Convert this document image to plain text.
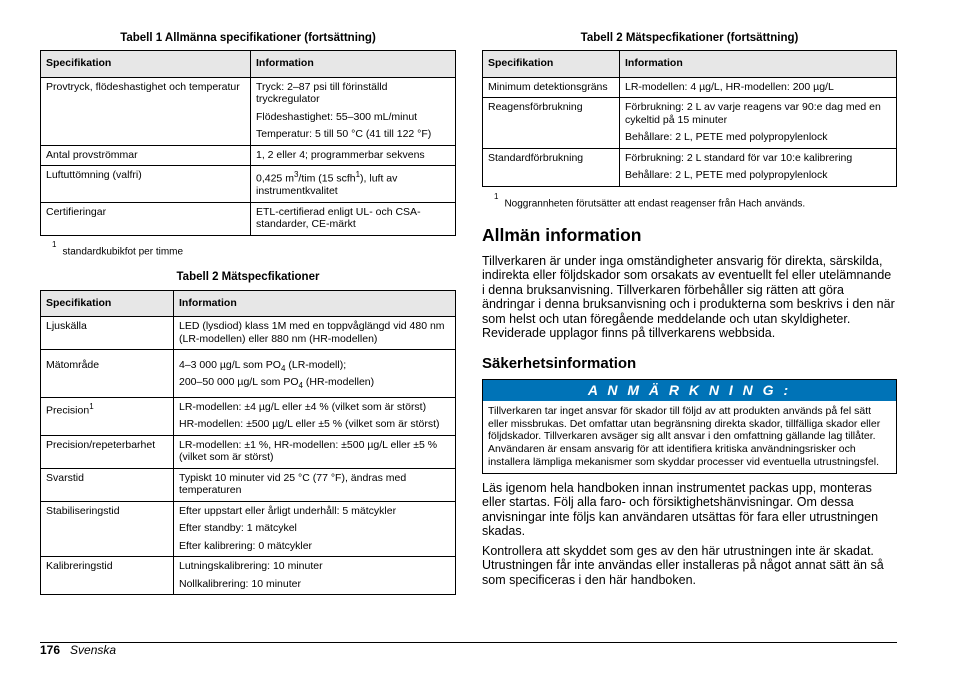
Tabell 1 Allmänna specifikationer (fortsättning)
Specifikation	Information
Provtryck, flödeshastighet och temperatur	Tryck: 2–87 psi till förinställd tryckregulator

Flödeshastighet: 55–300 mL/minut

Temperatur: 5 till 50 °C (41 till 122 °F)

Antal provströmmar	1, 2 eller 4; programmerbar sekvens
Luftuttömning (valfri)	0,425 $m^3$/tim (15 scfh$^1$), luft av instrumentkvalitet
Certifieringar	ETL-certifierad enligt UL- och CSA-standarder, CE-märkt
$^1$standardkubikfot per timme
Tabell 2 Mätspecfikationer
Specifikation	Information
Ljuskälla	LED (lysdiod) klass 1M med en toppvåglängd vid 480 nm (LR-modellen) eller 880 nm (HR-modellen)
Mätområde	4–3 000 µg/L som $PO_4$ (LR-modell);
200–50 000 µg/L som $PO_4$ (HR-modellen)

Precision$^1$	LR-modellen: ±4 µg/L eller ±4 % (vilket som är störst)

HR-modellen: ±500 µg/L eller ±5 % (vilket som är störst)

Precision/repeterbarhet	LR-modellen: ±1 %, HR-modellen: ±500 µg/L eller ±5 % (vilket som är störst)
Svarstid	Typiskt 10 minuter vid 25 °C (77 °F), ändras med temperaturen
Stabiliseringstid	Efter uppstart eller årligt underhåll: 5 mätcykler

Efter standby: 1 mätcykel

Efter kalibrering: 0 mätcykler

Kalibreringstid	Lutningskalibrering: 10 minuter

Nollkalibrering: 10 minuter

Tabell 2 Mätspecfikationer (fortsättning)
Specifikation	Information
Minimum detektionsgräns	LR-modellen: 4 µg/L, HR-modellen: 200 µg/L
Reagensförbrukning	Förbrukning: 2 L av varje reagens var 90:e dag med en cykeltid på 15 minuter

Behållare: 2 L, PETE med polypropylenlock

Standardförbrukning	Förbrukning: 2 L standard för var 10:e kalibrering

Behållare: 2 L, PETE med polypropylenlock

$^1$Noggrannheten förutsätter att endast reagenser från Hach används.
Allmän information

Tillverkaren är under inga omständigheter ansvarig för direkta, särskilda, indirekta eller följdskador som orsakats av eventuellt fel eller utelämnande i denna bruksanvisning. Tillverkaren förbehåller sig rätten att göra ändringar i denna bruksanvisning och i produkterna som beskrivs i den när som helst och utan föregående meddelande och utan skyldigheter. Reviderade upplagor finns på tillverkarens webbsida.

Säkerhetsinformation
A N M Ä R K N I N G :
Tillverkaren tar inget ansvar för skador till följd av att produkten används på fel sätt eller missbrukas. Det omfattar utan begränsning direkta skador, tillfälliga skador eller följdskador. Tillverkaren avsäger sig allt ansvar i den omfattning gällande lag tillåter. Användaren är ensam ansvarig för att identifiera kritiska användningsrisker och installera lämpliga mekanismer som skyddar processer vid eventuella utrustningsfel.

Läs igenom hela handboken innan instrumentet packas upp, monteras eller startas. Följ alla faro- och försiktighetshänvisningar. Om dessa anvisningar inte följs kan användaren utsättas för fara eller utrustningen skadas.

Kontrollera att skyddet som ges av den här utrustningen inte är skadat. Utrustningen får inte användas eller installeras på något annat sätt än så som specificeras i den här handboken.

176 Svenska
